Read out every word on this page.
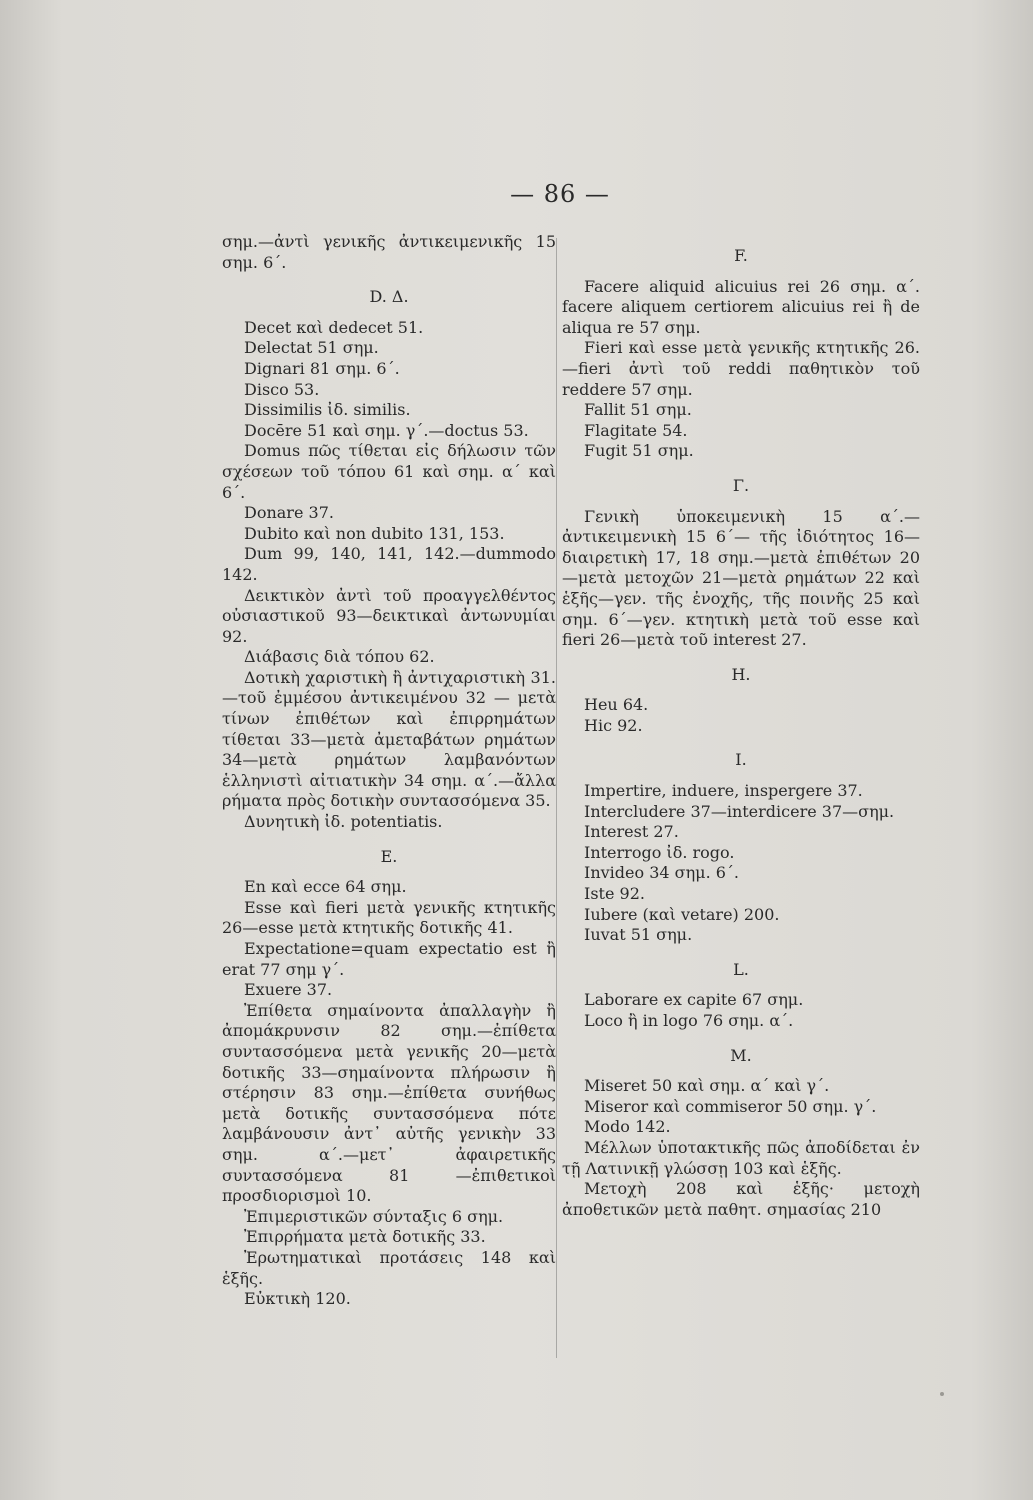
— 86 —

σημ.—ἀντὶ γενικῆς ἀντικειμενικῆς 15 σημ. 6΄.

D. Δ.

Decet καὶ dedecet 51.

Delectat 51 σημ.

Dignari 81 σημ. 6΄.

Disco 53.

Dissimilis ἰδ. similis.

Docēre 51 καὶ σημ. γ΄.—doctus 53.

Domus πῶς τίθεται εἰς δήλωσιν τῶν σχέσεων τοῦ τόπου 61 καὶ σημ. α΄ καὶ 6΄.

Donare 37.

Dubito καὶ non dubito 131, 153.

Dum 99, 140, 141, 142.—dummodo 142.

Δεικτικὸν ἀντὶ τοῦ προαγγελθέντος οὐσιαστικοῦ 93—δεικτικαὶ ἀντωνυμίαι 92.

Διάβασις διὰ τόπου 62.

Δοτικὴ χαριστικὴ ἢ ἀντιχαριστικὴ 31.—τοῦ ἐμμέσου ἀντικειμένου 32 — μετὰ τίνων ἐπιθέτων καὶ ἐπιρρημάτων τίθεται 33—μετὰ ἀμεταβάτων ρημάτων 34—μετὰ ρημάτων λαμβανόντων ἑλληνιστὶ αἰτιατικὴν 34 σημ. α΄.—ἄλλα ρήματα πρὸς δοτικὴν συντασσόμενα 35.

Δυνητικὴ ἰδ. potentiatis.

E.

En καὶ ecce 64 σημ.

Esse καὶ fieri μετὰ γενικῆς κτητικῆς 26—esse μετὰ κτητικῆς δοτικῆς 41.

Expectatione=quam expectatio est ἢ erat 77 σημ γ΄.

Exuere 37.

Ἐπίθετα σημαίνοντα ἀπαλλαγὴν ἢ ἀπομάκρυνσιν 82 σημ.—ἐπίθετα συντασσόμενα μετὰ γενικῆς 20—μετὰ δοτικῆς 33—σημαίνοντα πλήρωσιν ἢ στέρησιν 83 σημ.—ἐπίθετα συνήθως μετὰ δοτικῆς συντασσόμενα πότε λαμβάνουσιν ἀντ᾿ αὐτῆς γενικὴν 33 σημ. α΄.—μετ᾿ ἀφαιρετικῆς συντασσόμενα 81 —ἐπιθετικοὶ προσδιορισμοὶ 10.

Ἐπιμεριστικῶν σύνταξις 6 σημ.

Ἐπιρρήματα μετὰ δοτικῆς 33.

Ἐρωτηματικαὶ προτάσεις 148 καὶ ἑξῆς.

Εὐκτικὴ 120.

F.

Facere aliquid alicuius rei 26 σημ. α΄. facere aliquem certiorem alicuius rei ἢ de aliqua re 57 σημ.

Fieri καὶ esse μετὰ γενικῆς κτητικῆς 26.—fieri ἀντὶ τοῦ reddi παθητικὸν τοῦ reddere 57 σημ.

Fallit 51 σημ.

Flagitate 54.

Fugit 51 σημ.

Γ.

Γενικὴ ὑποκειμενικὴ 15 α΄.—ἀντικειμενικὴ 15 6΄— τῆς ἰδιότητος 16—διαιρετικὴ 17, 18 σημ.—μετὰ ἐπιθέτων 20—μετὰ μετοχῶν 21—μετὰ ρημάτων 22 καὶ ἑξῆς—γεν. τῆς ἐνοχῆς, τῆς ποινῆς 25 καὶ σημ. 6΄—γεν. κτητικὴ μετὰ τοῦ esse καὶ fieri 26—μετὰ τοῦ interest 27.

H.

Heu 64.

Hic 92.

I.

Impertire, induere, inspergere 37.

Intercludere 37—interdicere 37—σημ.

Interest 27.

Interrogo ἰδ. rogo.

Invideo 34 σημ. 6΄.

Iste 92.

Iubere (καὶ vetare) 200.

Iuvat 51 σημ.

L.

Laborare ex capite 67 σημ.

Loco ἢ in logo 76 σημ. α΄.

M.

Miseret 50 καὶ σημ. α΄ καὶ γ΄.

Miseror καὶ commiseror 50 σημ. γ΄.

Modo 142.

Μέλλων ὑποτακτικῆς πῶς ἀποδίδεται ἐν τῇ Λατινικῇ γλώσσῃ 103 καὶ ἑξῆς.

Μετοχὴ 208 καὶ ἑξῆς· μετοχὴ ἀποθετικῶν μετὰ παθητ. σημασίας 210
